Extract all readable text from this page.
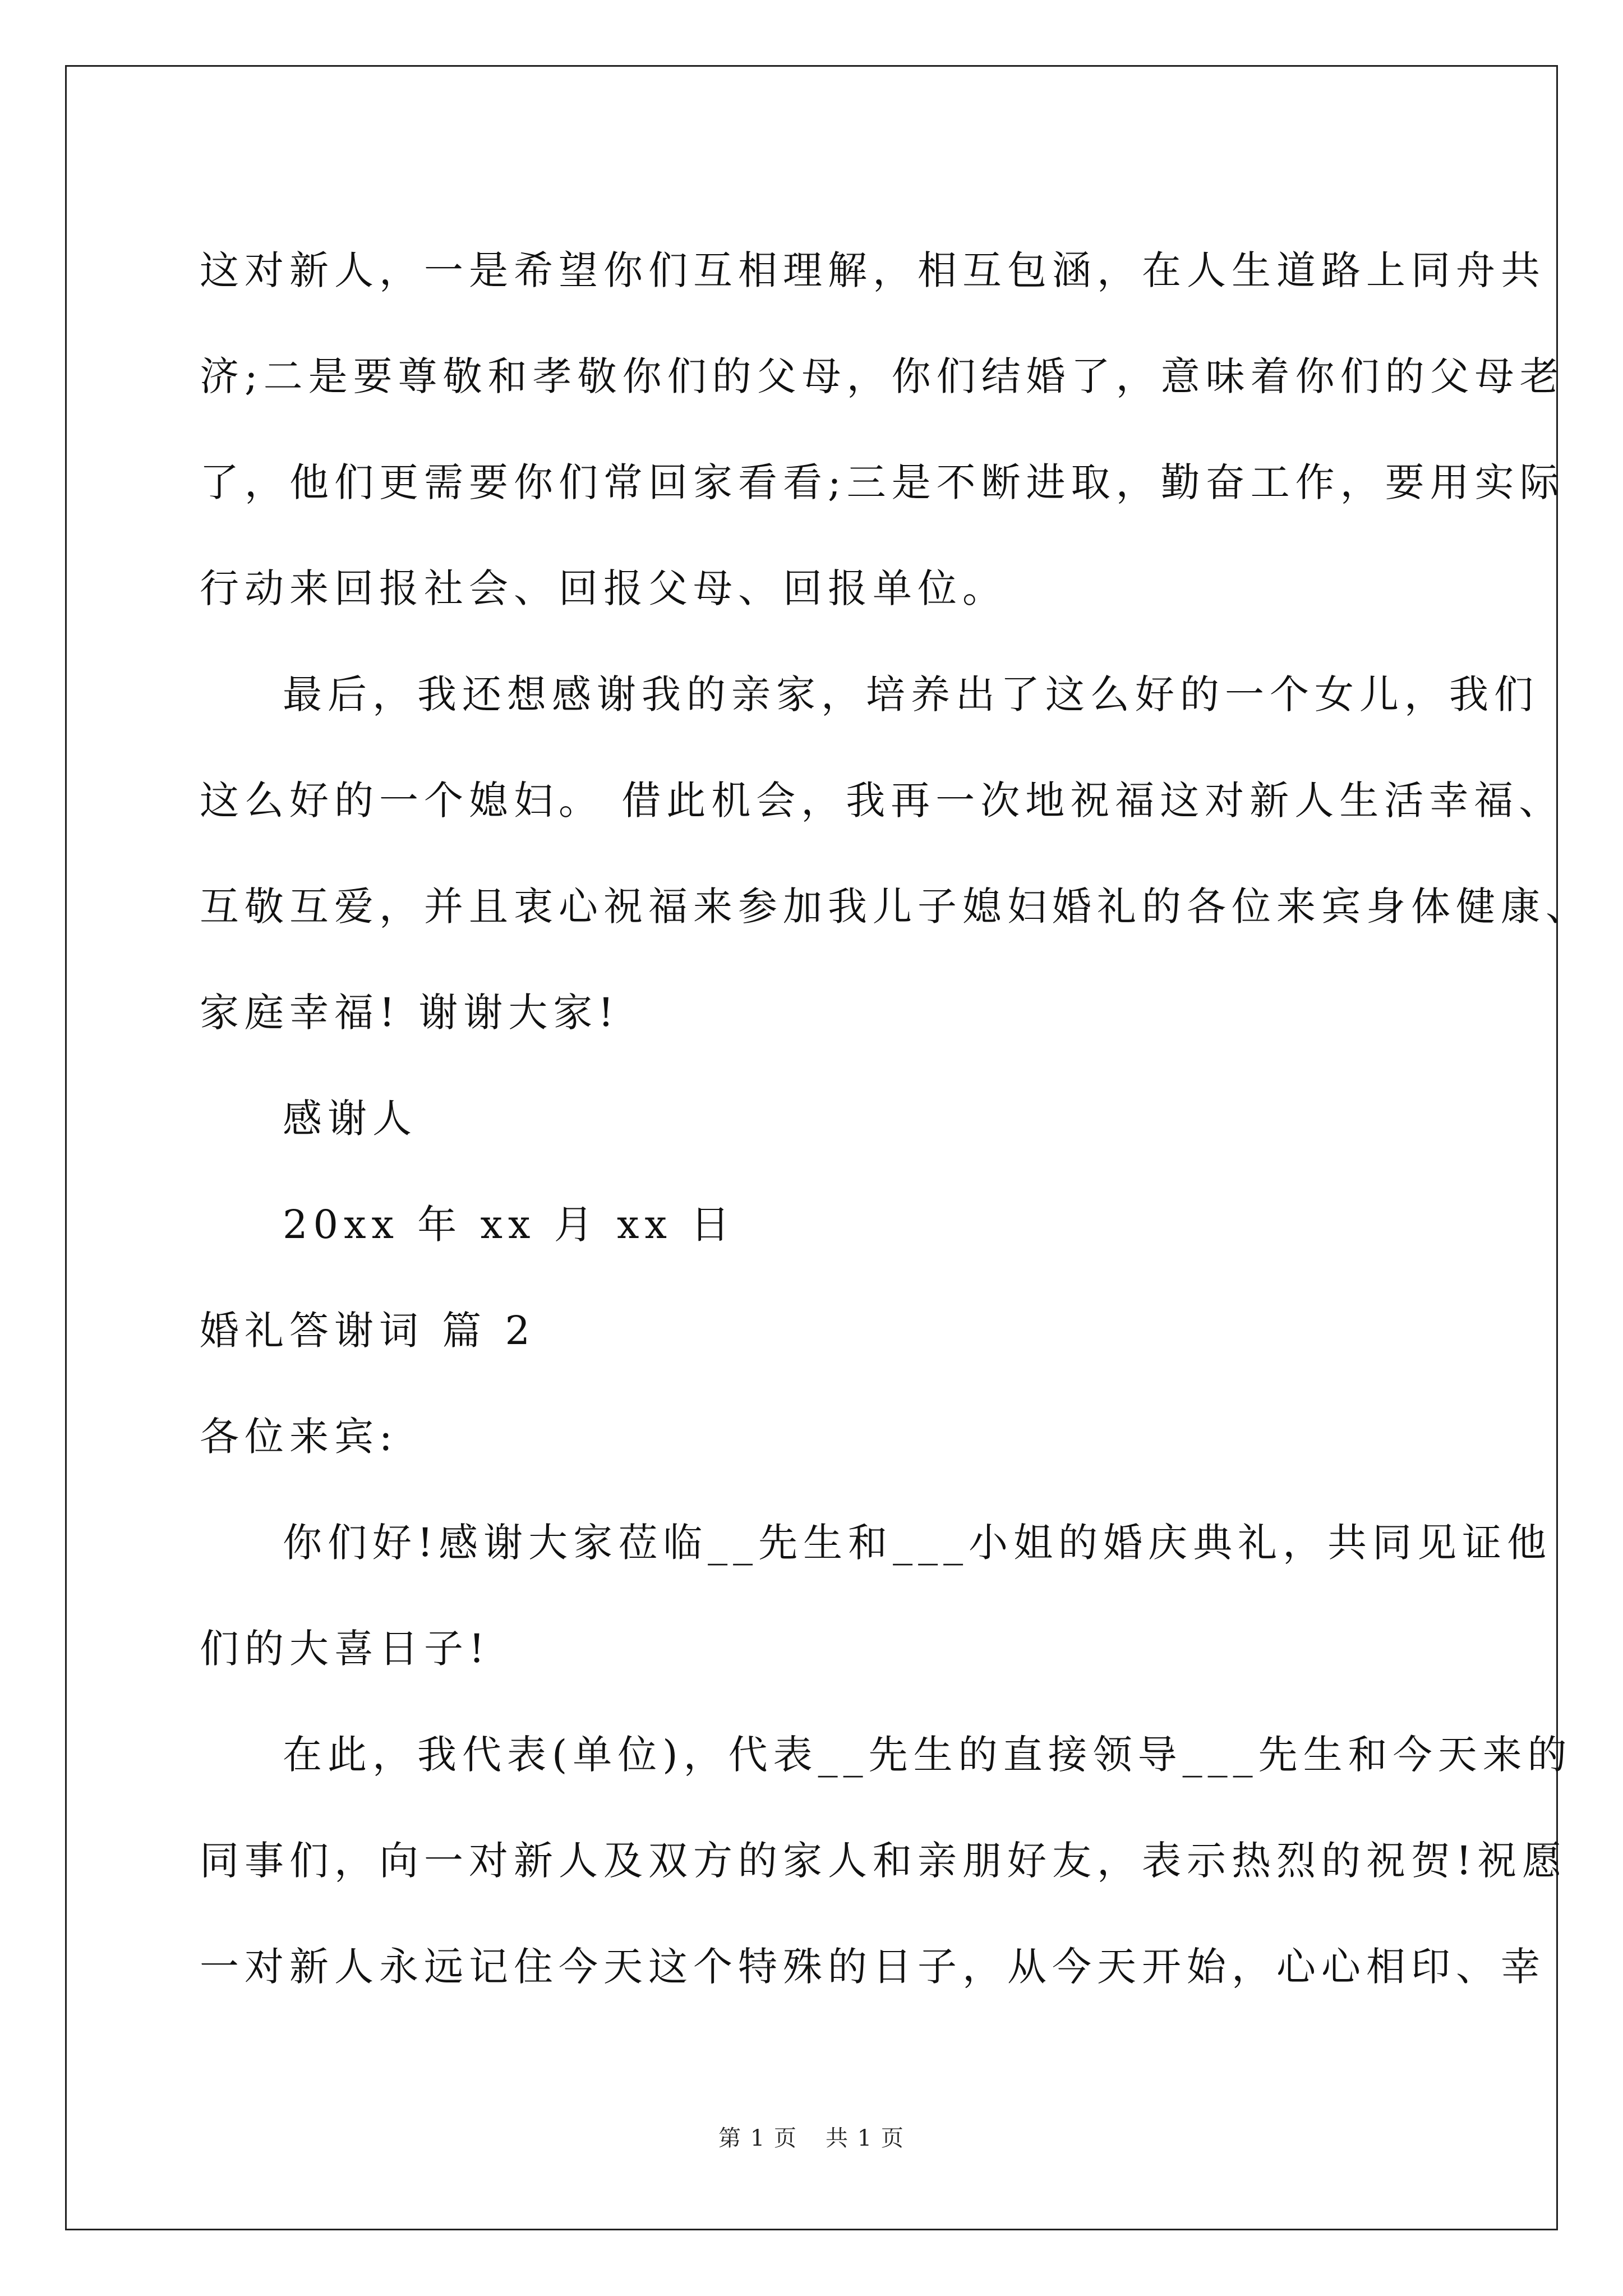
这对新人，一是希望你们互相理解，相互包涵，在人生道路上同舟共
济;二是要尊敬和孝敬你们的父母，你们结婚了，意味着你们的父母老
了，他们更需要你们常回家看看;三是不断进取，勤奋工作，要用实际
行动来回报社会、回报父母、回报单位。
最后，我还想感谢我的亲家，培养出了这么好的一个女儿，我们
这么好的一个媳妇。 借此机会，我再一次地祝福这对新人生活幸福、
互敬互爱，并且衷心祝福来参加我儿子媳妇婚礼的各位来宾身体健康、
家庭幸福! 谢谢大家!
感谢人
20xx 年 xx 月 xx 日
婚礼答谢词 篇 2
各位来宾:
你们好!感谢大家莅临__先生和___小姐的婚庆典礼，共同见证他
们的大喜日子!
在此，我代表(单位)，代表__先生的直接领导___先生和今天来的
同事们，向一对新人及双方的家人和亲朋好友，表示热烈的祝贺!祝愿
一对新人永远记住今天这个特殊的日子，从今天开始，心心相印、幸
第 1 页 共 1 页
